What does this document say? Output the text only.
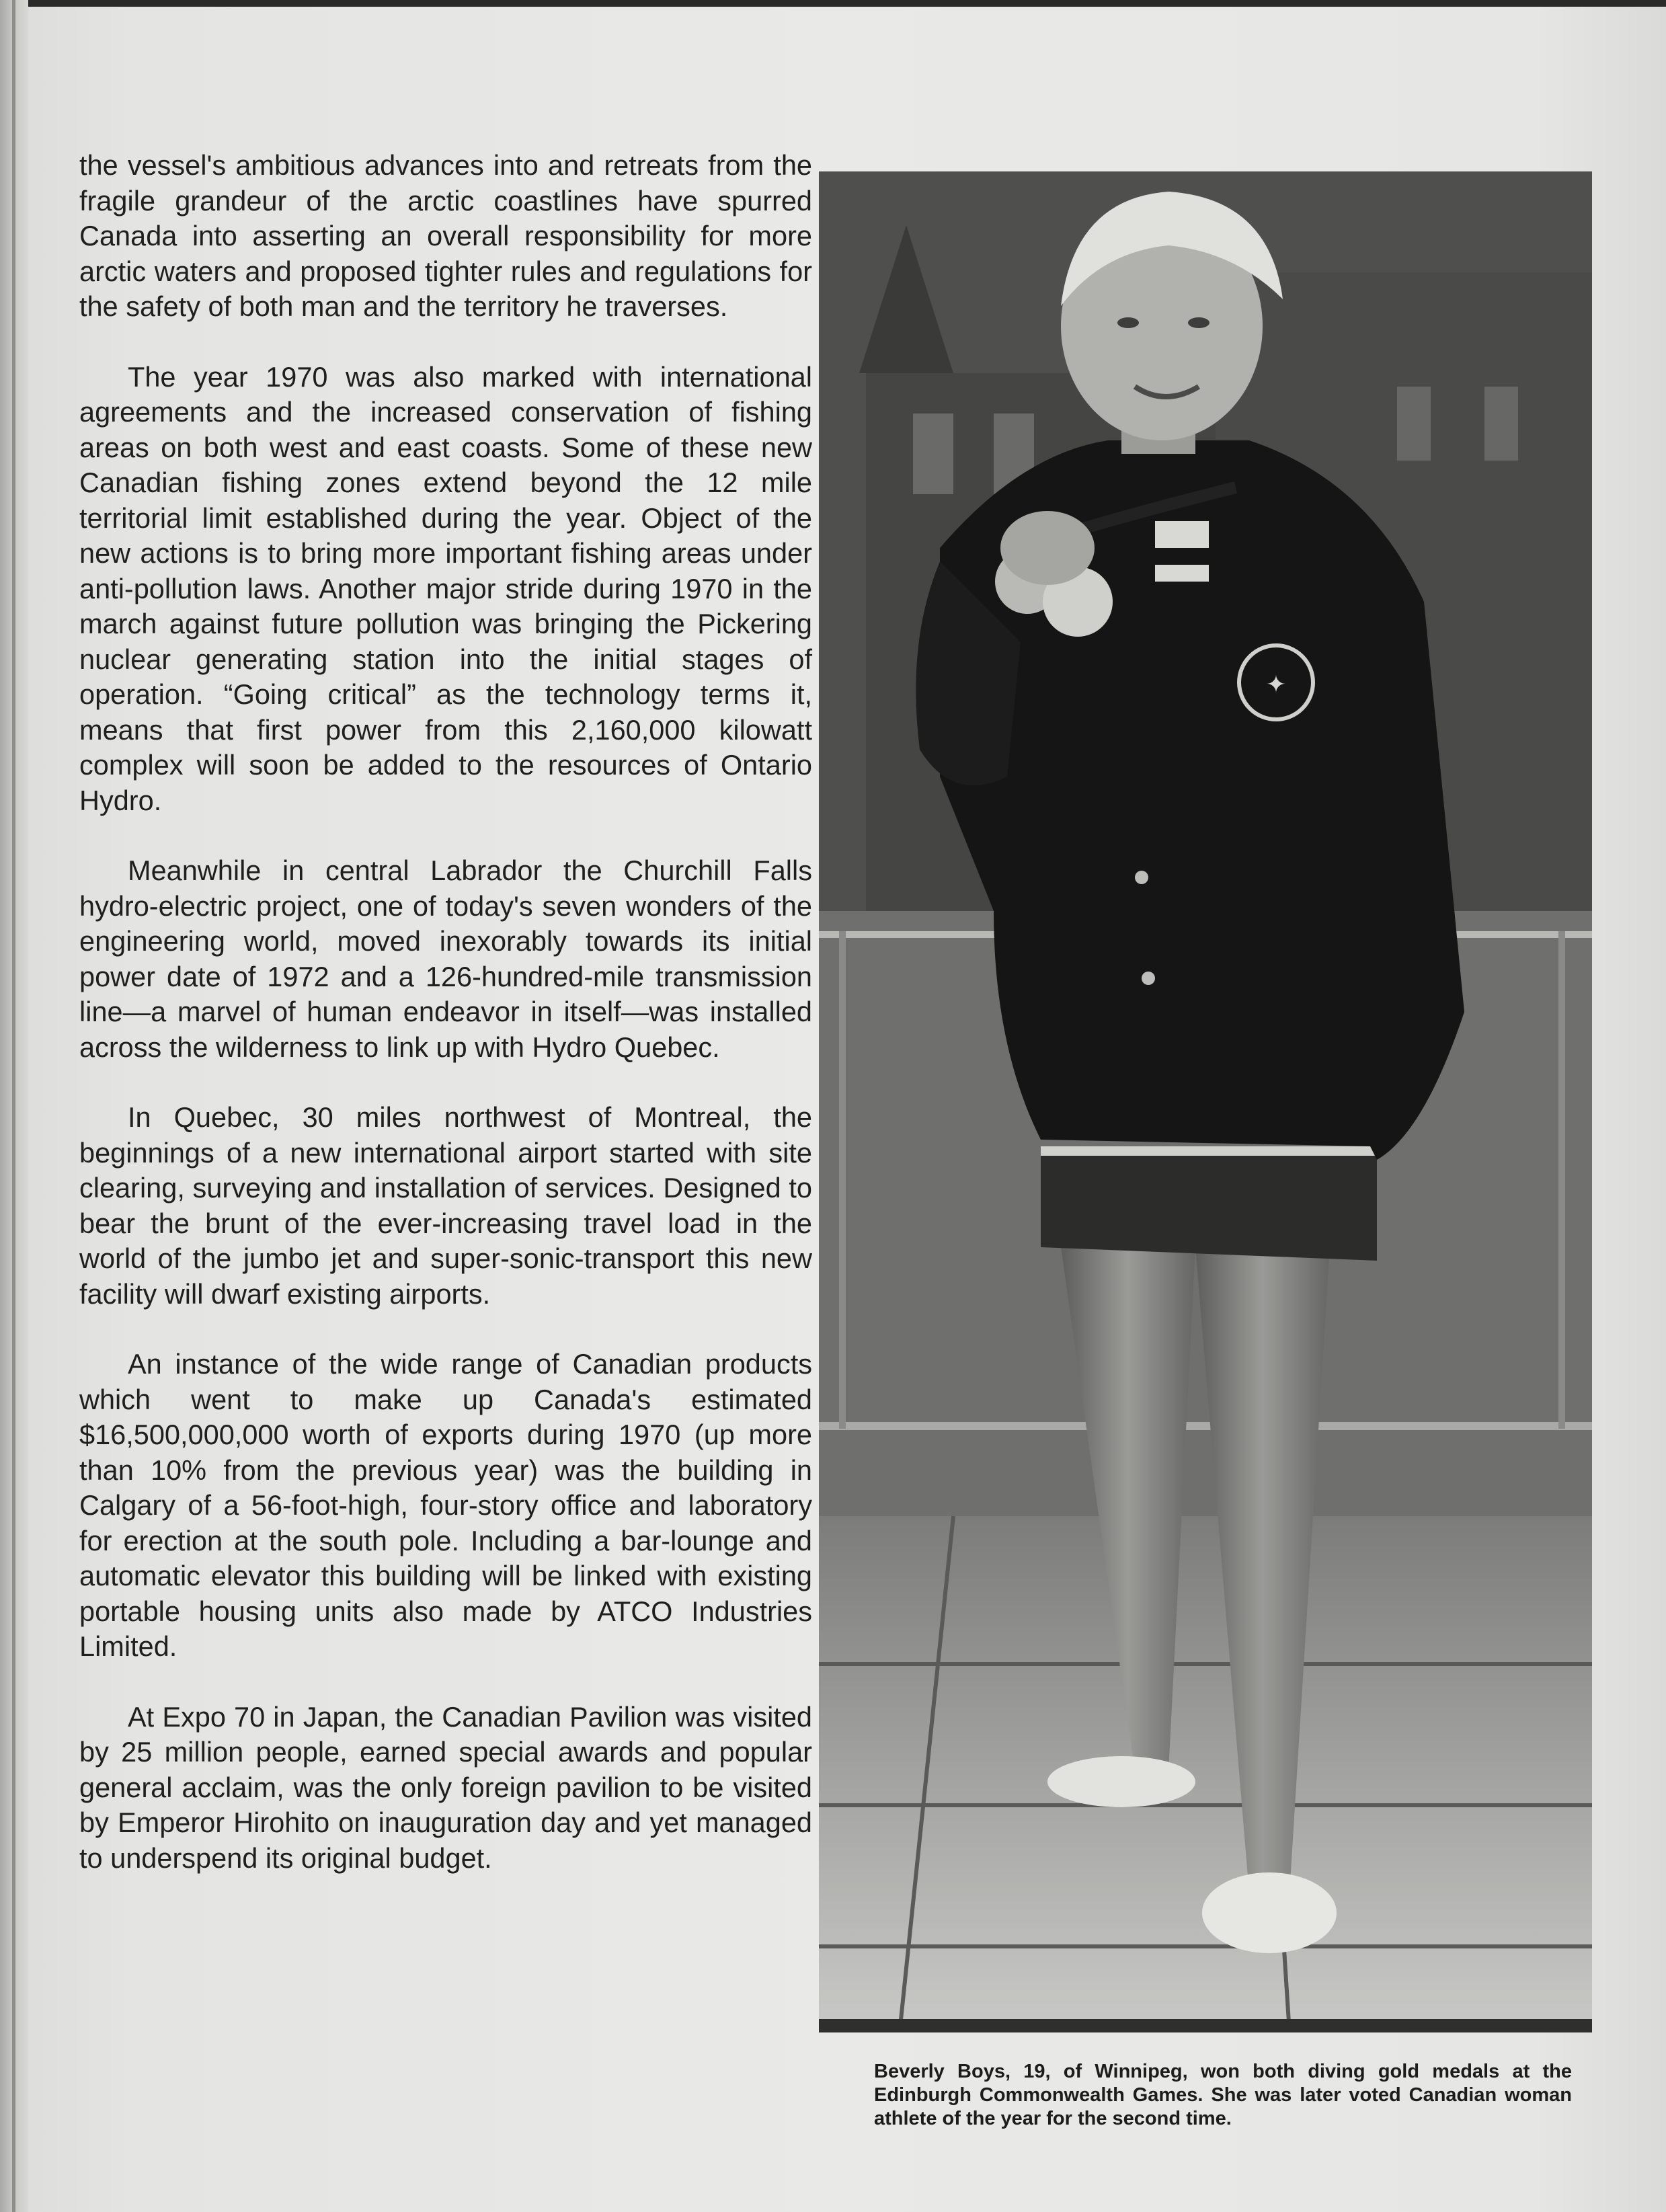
the vessel's ambitious advances into and retreats from the fragile grandeur of the arctic coastlines have spurred Canada into asserting an overall responsibility for more arctic waters and proposed tighter rules and regulations for the safety of both man and the territory he traverses.

The year 1970 was also marked with international agreements and the increased conservation of fishing areas on both west and east coasts. Some of these new Canadian fishing zones extend beyond the 12 mile territorial limit established during the year. Object of the new actions is to bring more important fishing areas under anti-pollution laws. Another major stride during 1970 in the march against future pollution was bringing the Pickering nuclear generating station into the initial stages of operation. “Going critical” as the technology terms it, means that first power from this 2,160,000 kilowatt complex will soon be added to the resources of Ontario Hydro.

Meanwhile in central Labrador the Churchill Falls hydro-electric project, one of today's seven wonders of the engineering world, moved inexorably towards its initial power date of 1972 and a 126-hundred-mile transmission line—a marvel of human endeavor in itself—was installed across the wilderness to link up with Hydro Quebec.

In Quebec, 30 miles northwest of Montreal, the beginnings of a new international airport started with site clearing, surveying and installation of services. Designed to bear the brunt of the ever-increasing travel load in the world of the jumbo jet and super-sonic-transport this new facility will dwarf existing airports.

An instance of the wide range of Canadian products which went to make up Canada's estimated $16,500,000,000 worth of exports during 1970 (up more than 10% from the previous year) was the building in Calgary of a 56-foot-high, four-story office and laboratory for erection at the south pole. Including a bar-lounge and automatic elevator this building will be linked with existing portable housing units also made by ATCO Industries Limited.

At Expo 70 in Japan, the Canadian Pavilion was visited by 25 million people, earned special awards and popular general acclaim, was the only foreign pavilion to be visited by Emperor Hirohito on inauguration day and yet managed to underspend its original budget.

✦
Beverly Boys, 19, of Winnipeg, won both diving gold medals at the Edinburgh Commonwealth Games. She was later voted Canadian woman athlete of the year for the second time.
